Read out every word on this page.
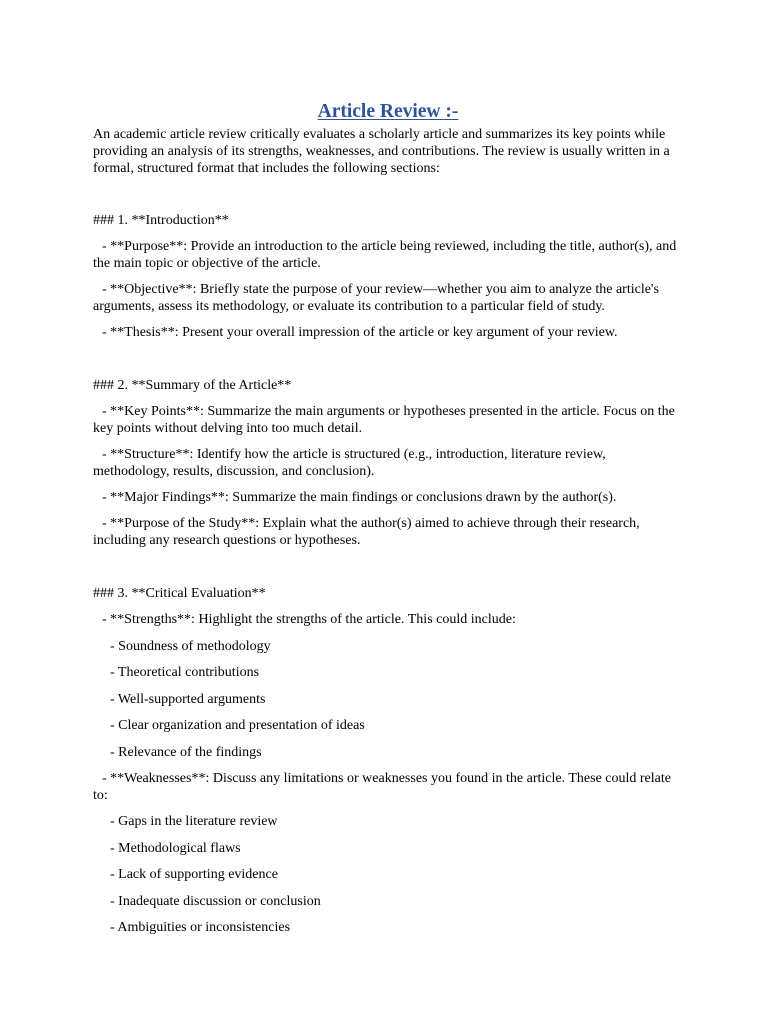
Article Review :-

An academic article review critically evaluates a scholarly article and summarizes its key points while providing an analysis of its strengths, weaknesses, and contributions. The review is usually written in a formal, structured format that includes the following sections:

### 1. **Introduction**

- **Purpose**: Provide an introduction to the article being reviewed, including the title, author(s), and the main topic or objective of the article.

- **Objective**: Briefly state the purpose of your review—whether you aim to analyze the article's arguments, assess its methodology, or evaluate its contribution to a particular field of study.

- **Thesis**: Present your overall impression of the article or key argument of your review.

### 2. **Summary of the Article**

- **Key Points**: Summarize the main arguments or hypotheses presented in the article. Focus on the key points without delving into too much detail.

- **Structure**: Identify how the article is structured (e.g., introduction, literature review, methodology, results, discussion, and conclusion).

- **Major Findings**: Summarize the main findings or conclusions drawn by the author(s).

- **Purpose of the Study**: Explain what the author(s) aimed to achieve through their research, including any research questions or hypotheses.

### 3. **Critical Evaluation**

- **Strengths**: Highlight the strengths of the article. This could include:

- Soundness of methodology

- Theoretical contributions

- Well-supported arguments

- Clear organization and presentation of ideas

- Relevance of the findings

- **Weaknesses**: Discuss any limitations or weaknesses you found in the article. These could relate to:

- Gaps in the literature review

- Methodological flaws

- Lack of supporting evidence

- Inadequate discussion or conclusion

- Ambiguities or inconsistencies
